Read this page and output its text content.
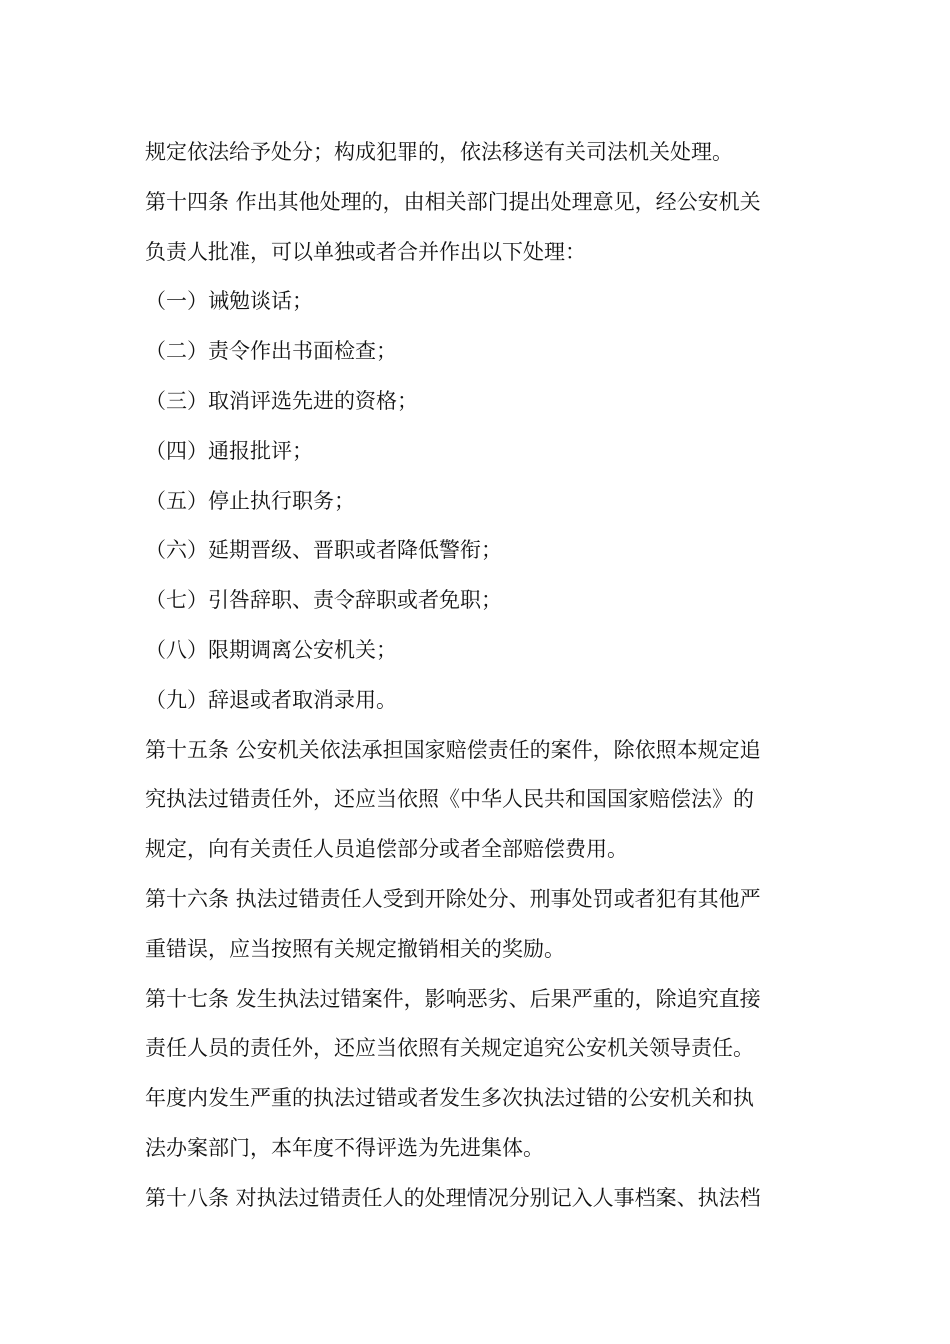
规定依法给予处分；构成犯罪的，依法移送有关司法机关处理。
第十四条 作出其他处理的，由相关部门提出处理意见，经公安机关
负责人批准，可以单独或者合并作出以下处理：
（一）诫勉谈话；
（二）责令作出书面检查；
（三）取消评选先进的资格；
（四）通报批评；
（五）停止执行职务；
（六）延期晋级、晋职或者降低警衔；
（七）引咎辞职、责令辞职或者免职；
（八）限期调离公安机关；
（九）辞退或者取消录用。
第十五条 公安机关依法承担国家赔偿责任的案件，除依照本规定追
究执法过错责任外，还应当依照《中华人民共和国国家赔偿法》的
规定，向有关责任人员追偿部分或者全部赔偿费用。
第十六条 执法过错责任人受到开除处分、刑事处罚或者犯有其他严
重错误，应当按照有关规定撤销相关的奖励。
第十七条 发生执法过错案件，影响恶劣、后果严重的，除追究直接
责任人员的责任外，还应当依照有关规定追究公安机关领导责任。
年度内发生严重的执法过错或者发生多次执法过错的公安机关和执
法办案部门，本年度不得评选为先进集体。
第十八条 对执法过错责任人的处理情况分别记入人事档案、执法档
